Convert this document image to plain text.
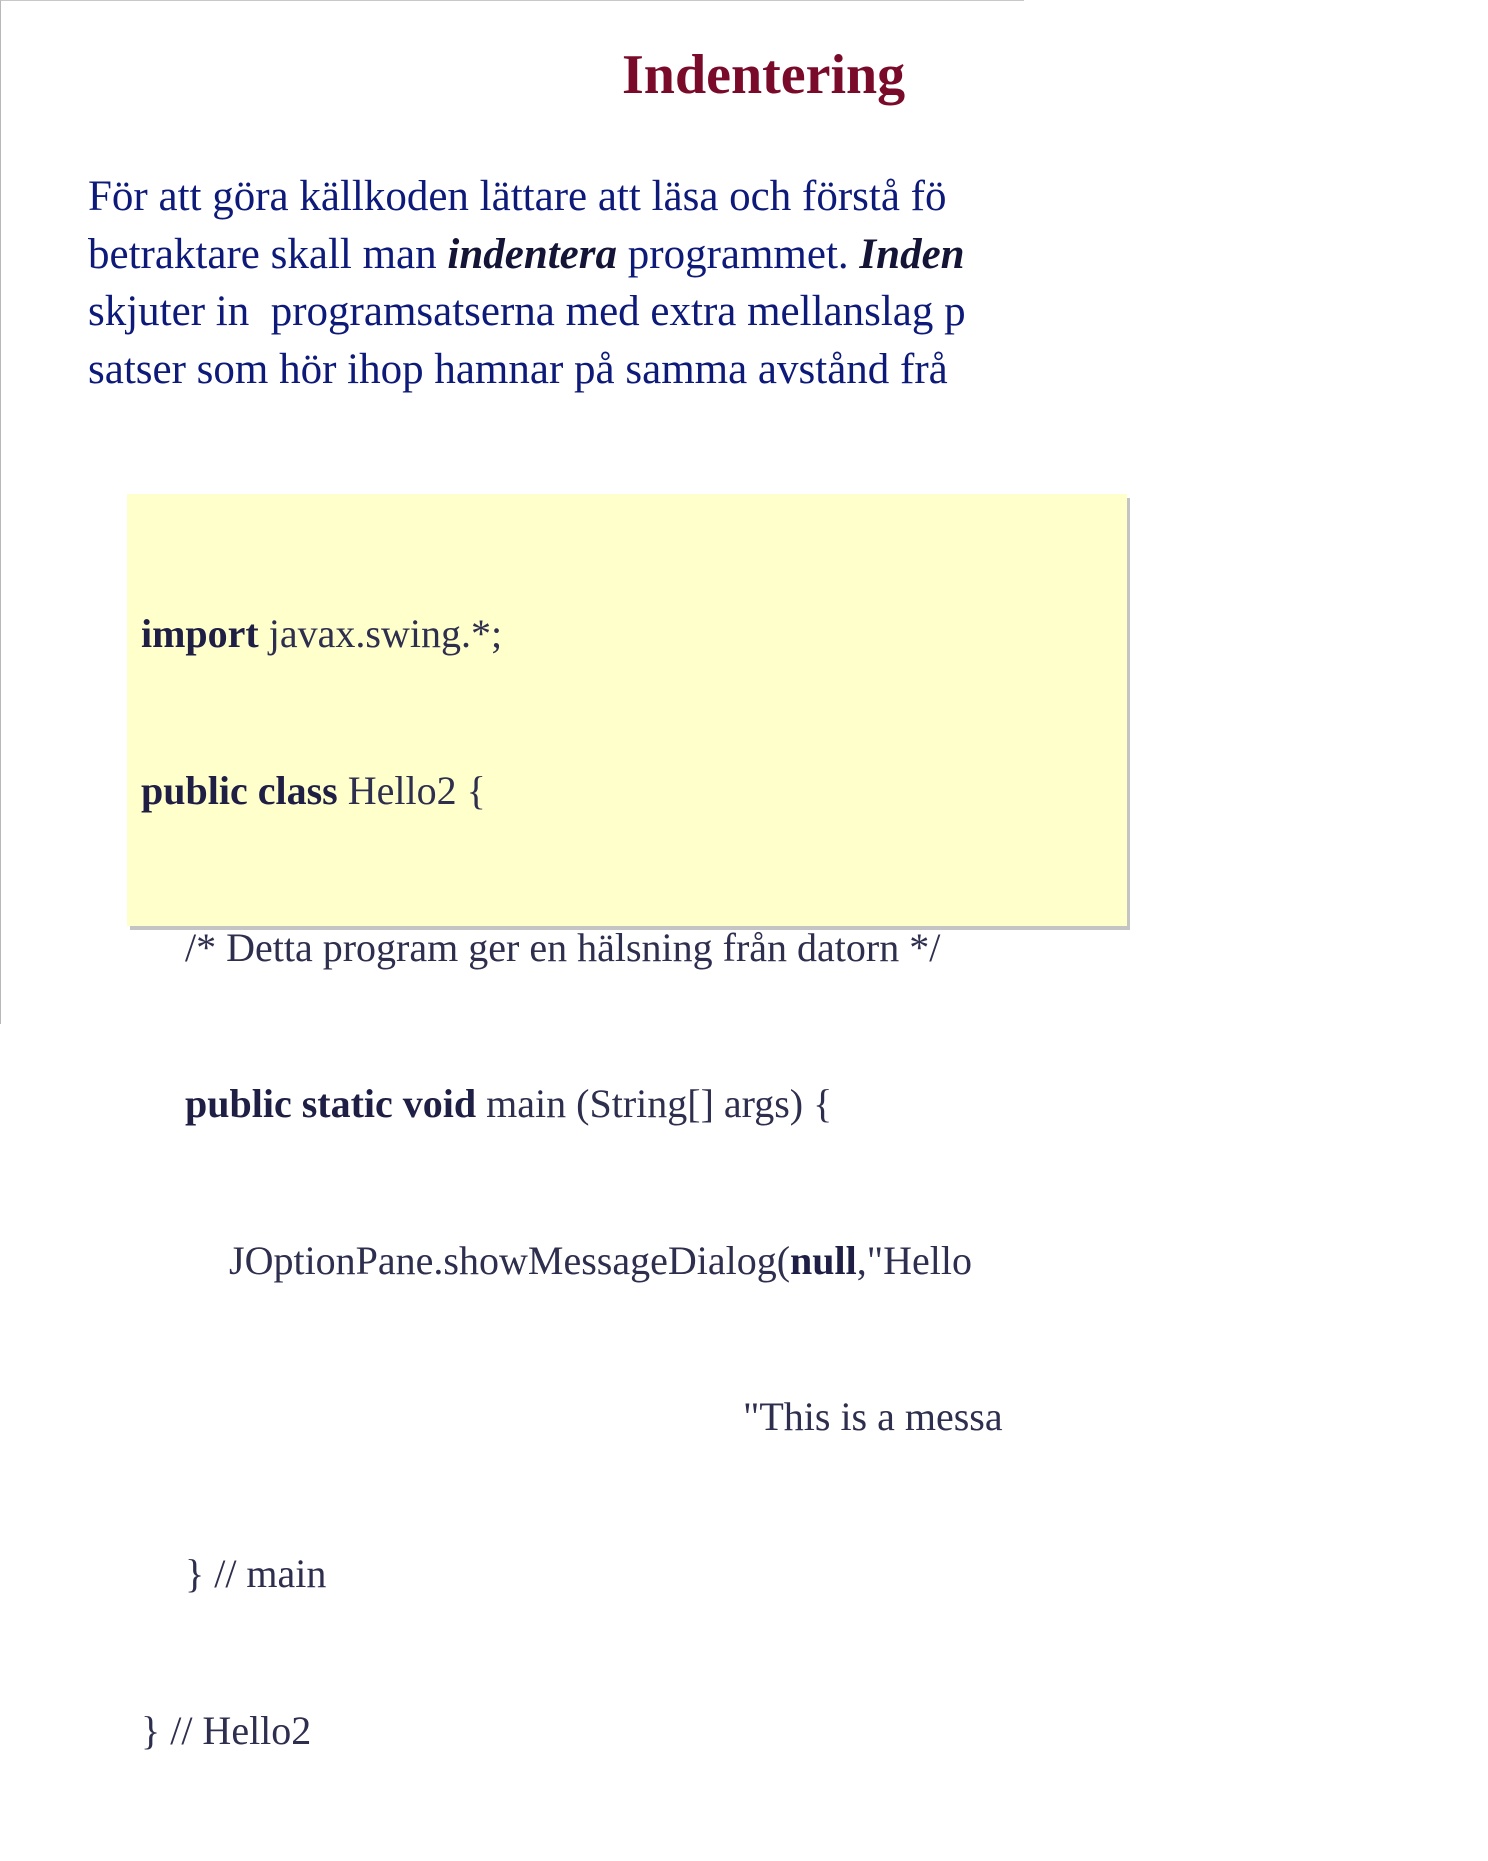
Indentering
För att göra källkoden lättare att läsa och förstå fö
betraktare skall man indentera programmet. Inden
skjuter in  programsatserna med extra mellanslag p
satser som hör ihop hamnar på samma avstånd frå

import javax.swing.*;

public class Hello2 {

/* Detta program ger en hälsning från datorn */

public static void main (String[] args) {

JOptionPane.showMessageDialog(null,"Hello

"This is a messa

} // main

} // Hello2
